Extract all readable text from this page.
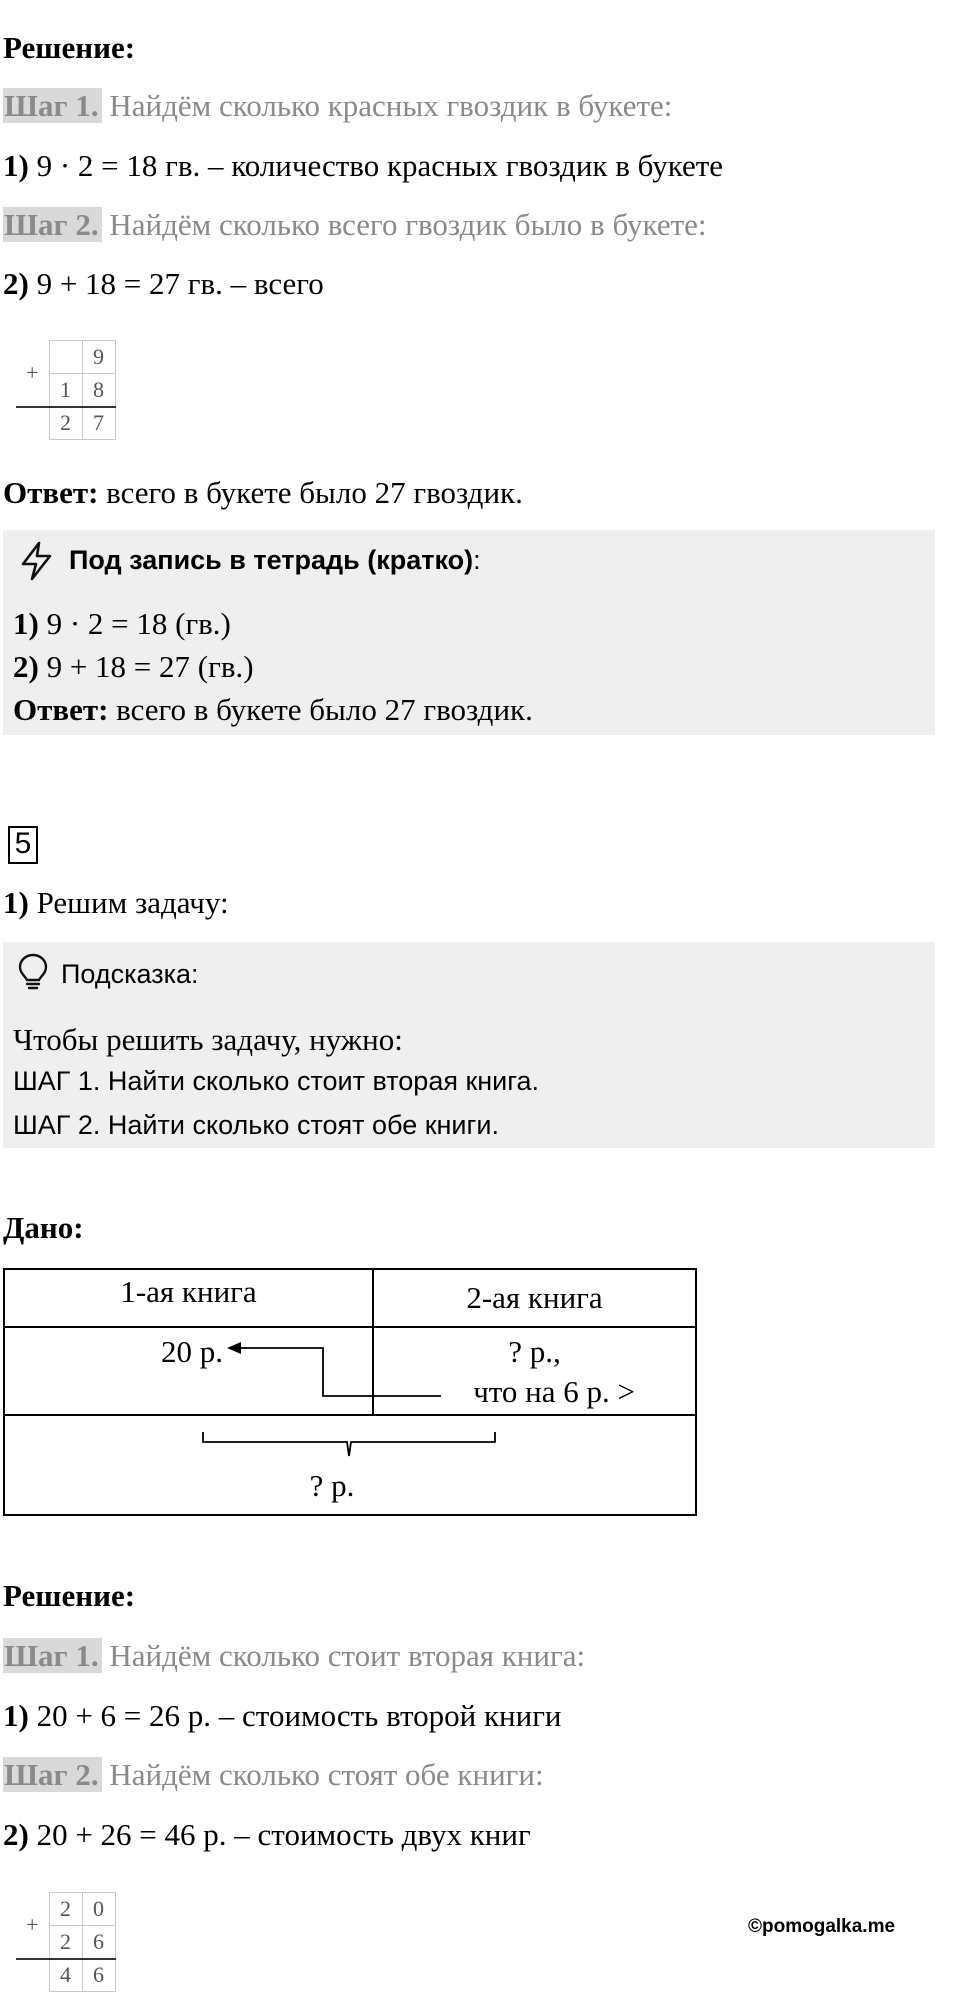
Решение:
Шаг 1. Найдём сколько красных гвоздик в букете:
1) 9 · 2 = 18 гв. – количество красных гвоздик в букете
Шаг 2. Найдём сколько всего гвоздик было в букете:
2) 9 + 18 = 27 гв. – всего
+		9
	1	8
	2	7
Ответ: всего в букете было 27 гвоздик.
Под запись в тетрадь (кратко):
1) 9 · 2 = 18 (гв.)
2) 9 + 18 = 27 (гв.)
Ответ: всего в букете было 27 гвоздик.
5
1) Решим задачу:
Подсказка:
Чтобы решить задачу, нужно:
ШАГ 1. Найти сколько стоит вторая книга.
ШАГ 2. Найти сколько стоят обе книги.
Дано:
1-ая книга	2-ая книга
20 р.	? р.,
что на 6 р. >
? р.
Решение:
Шаг 1. Найдём сколько стоит вторая книга:
1) 20 + 6 = 26 р. – стоимость второй книги
Шаг 2. Найдём сколько стоят обе книги:
2) 20 + 26 = 46 р. – стоимость двух книг
+	2	0
	2	6
	4	6
©pomogalka.me
